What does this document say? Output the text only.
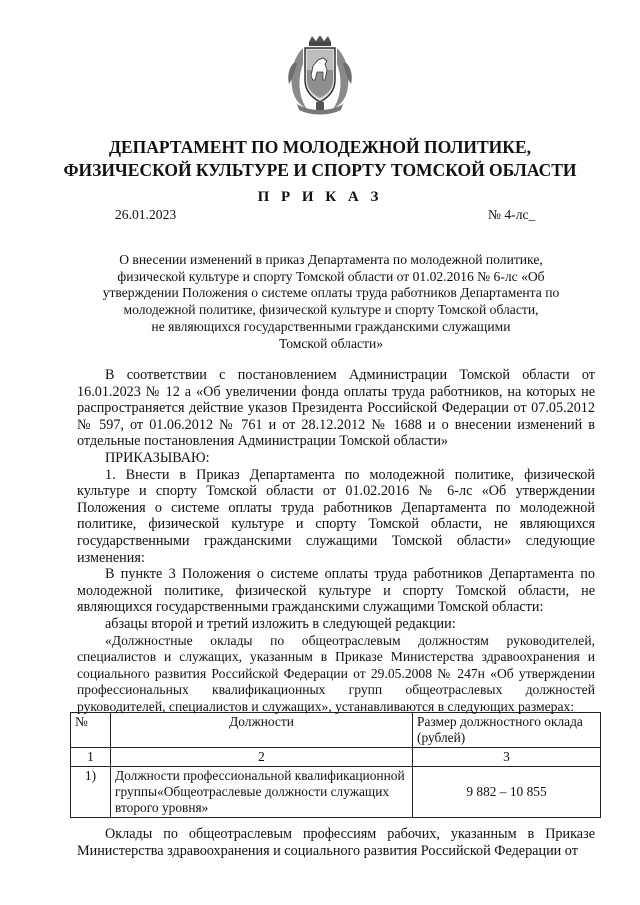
ДЕПАРТАМЕНТ ПО МОЛОДЕЖНОЙ ПОЛИТИКЕ,
ФИЗИЧЕСКОЙ КУЛЬТУРЕ И СПОРТУ ТОМСКОЙ ОБЛАСТИ
П Р И К А З
26.01.2023	№ 4-лс_

О внесении изменений в приказ Департамента по молодежной политике,
физической культуре и спорту Томской области от 01.02.2016 № 6-лс «Об
утверждении Положения о системе оплаты труда работников Департамента по
молодежной политике, физической культуре и спорту Томской области,
не являющихся государственными гражданскими служащими
Томской области»

В соответствии с постановлением Администрации Томской области от 16.01.2023 № 12 а «Об увеличении фонда оплаты труда работников, на которых не распространяется действие указов Президента Российской Федерации от 07.05.2012 № 597, от 01.06.2012 № 761 и от 28.12.2012 № 1688 и о внесении изменений в отдельные постановления Администрации Томской области»

ПРИКАЗЫВАЮ:

1. Внести в Приказ Департамента по молодежной политике, физической культуре и спорту Томской области от 01.02.2016 № 6-лс «Об утверждении Положения о системе оплаты труда работников Департамента по молодежной политике, физической культуре и спорту Томской области, не являющихся государственными гражданскими служащими Томской области» следующие изменения:

В пункте 3 Положения о системе оплаты труда работников Департамента по молодежной политике, физической культуре и спорту Томской области, не являющихся государственными гражданскими служащими Томской области:

абзацы второй и третий изложить в следующей редакции:

«Должностные оклады по общеотраслевым должностям руководителей, специалистов и служащих, указанным в Приказе Министерства здравоохранения и социального развития Российской Федерации от 29.05.2008 № 247н «Об утверждении профессиональных квалификационных групп общеотраслевых должностей руководителей, специалистов и служащих», устанавливаются в следующих размерах:

№	Должности	Размер должностного оклада (рублей)
1	2	3
1)	Должности профессиональной квалификационной группы«Общеотраслевые должности служащих второго уровня»	9 882 – 10 855

Оклады по общеотраслевым профессиям рабочих, указанным в Приказе Министерства здравоохранения и социального развития Российской Федерации от
